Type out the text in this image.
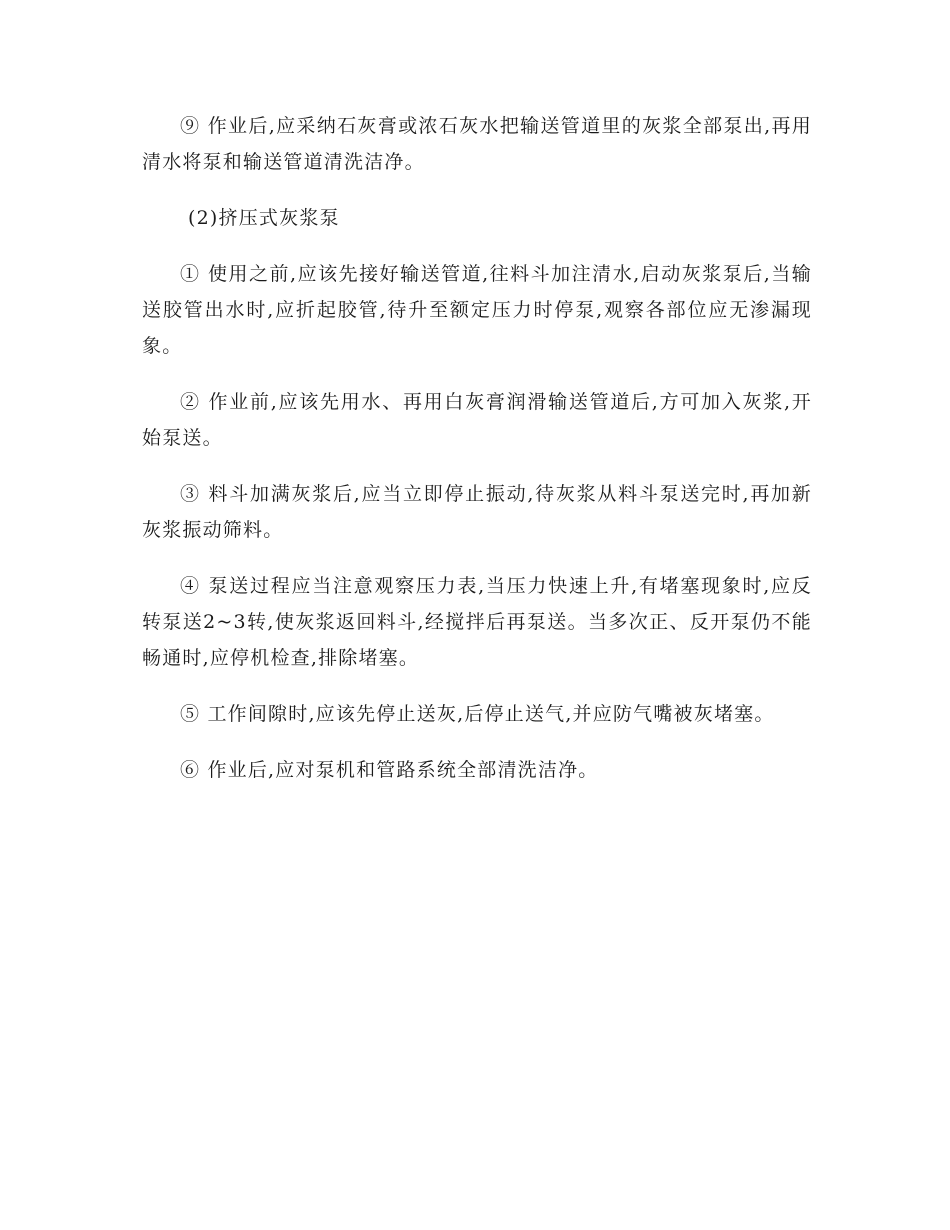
⑨ 作业后,应采纳石灰膏或浓石灰水把输送管道里的灰浆全部泵出,再用清水将泵和输送管道清洗洁净。

(2)挤压式灰浆泵

① 使用之前,应该先接好输送管道,往料斗加注清水,启动灰浆泵后,当输送胶管出水时,应折起胶管,待升至额定压力时停泵,观察各部位应无渗漏现象。

② 作业前,应该先用水、再用白灰膏润滑输送管道后,方可加入灰浆,开始泵送。

③ 料斗加满灰浆后,应当立即停止振动,待灰浆从料斗泵送完时,再加新灰浆振动筛料。

④ 泵送过程应当注意观察压力表,当压力快速上升,有堵塞现象时,应反转泵送2~3转,使灰浆返回料斗,经搅拌后再泵送。当多次正、反开泵仍不能畅通时,应停机检查,排除堵塞。

⑤ 工作间隙时,应该先停止送灰,后停止送气,并应防气嘴被灰堵塞。

⑥ 作业后,应对泵机和管路系统全部清洗洁净。
